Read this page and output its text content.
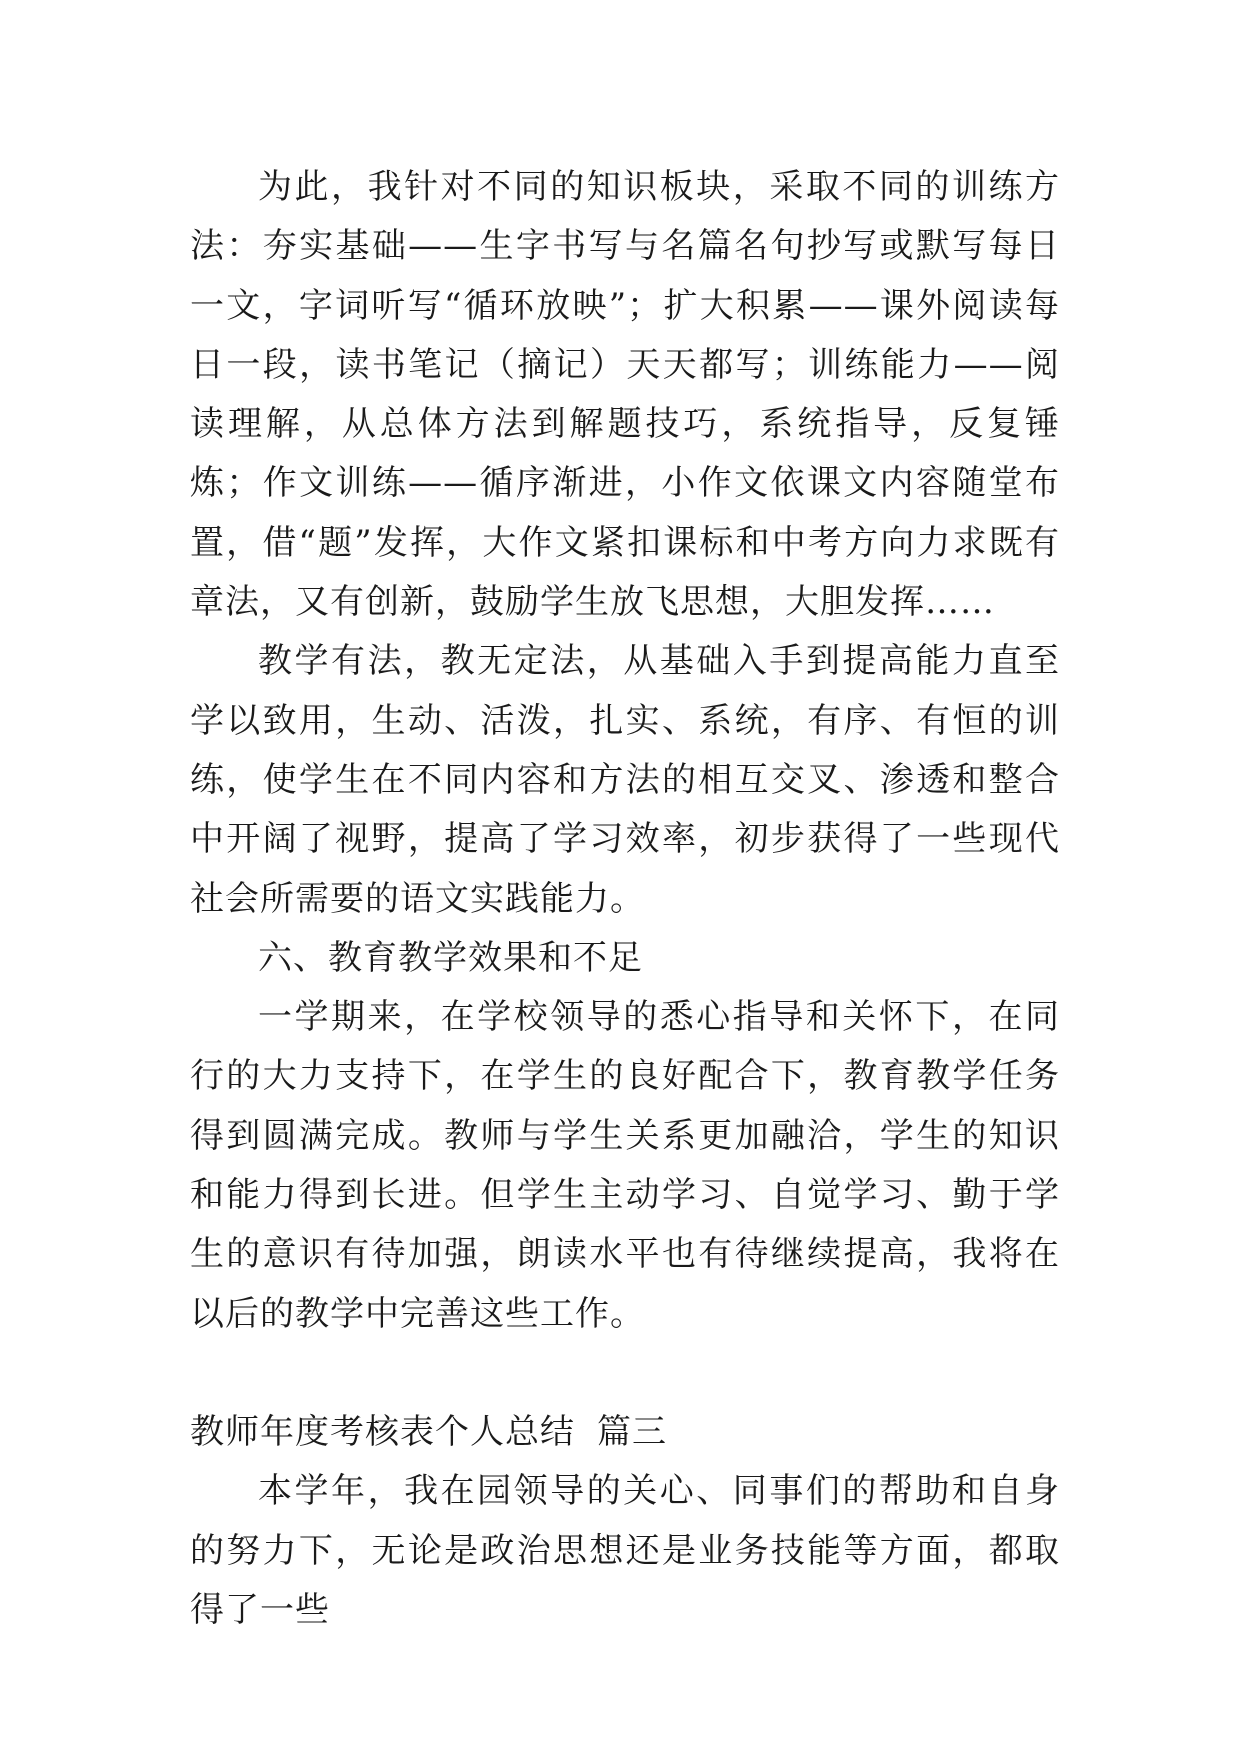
为此，我针对不同的知识板块，采取不同的训练方法：夯实基础——生字书写与名篇名句抄写或默写每日一文，字词听写“循环放映”；扩大积累——课外阅读每日一段，读书笔记（摘记）天天都写；训练能力——阅读理解，从总体方法到解题技巧，系统指导，反复锤炼；作文训练——循序渐进，小作文依课文内容随堂布置，借“题”发挥，大作文紧扣课标和中考方向力求既有章法，又有创新，鼓励学生放飞思想，大胆发挥……

教学有法，教无定法，从基础入手到提高能力直至学以致用，生动、活泼，扎实、系统，有序、有恒的训练，使学生在不同内容和方法的相互交叉、渗透和整合中开阔了视野，提高了学习效率，初步获得了一些现代社会所需要的语文实践能力。

六、教育教学效果和不足

一学期来，在学校领导的悉心指导和关怀下，在同行的大力支持下，在学生的良好配合下，教育教学任务得到圆满完成。教师与学生关系更加融洽，学生的知识和能力得到长进。但学生主动学习、自觉学习、勤于学生的意识有待加强，朗读水平也有待继续提高，我将在以后的教学中完善这些工作。

教师年度考核表个人总结 篇三

本学年，我在园领导的关心、同事们的帮助和自身的努力下，无论是政治思想还是业务技能等方面，都取得了一些
